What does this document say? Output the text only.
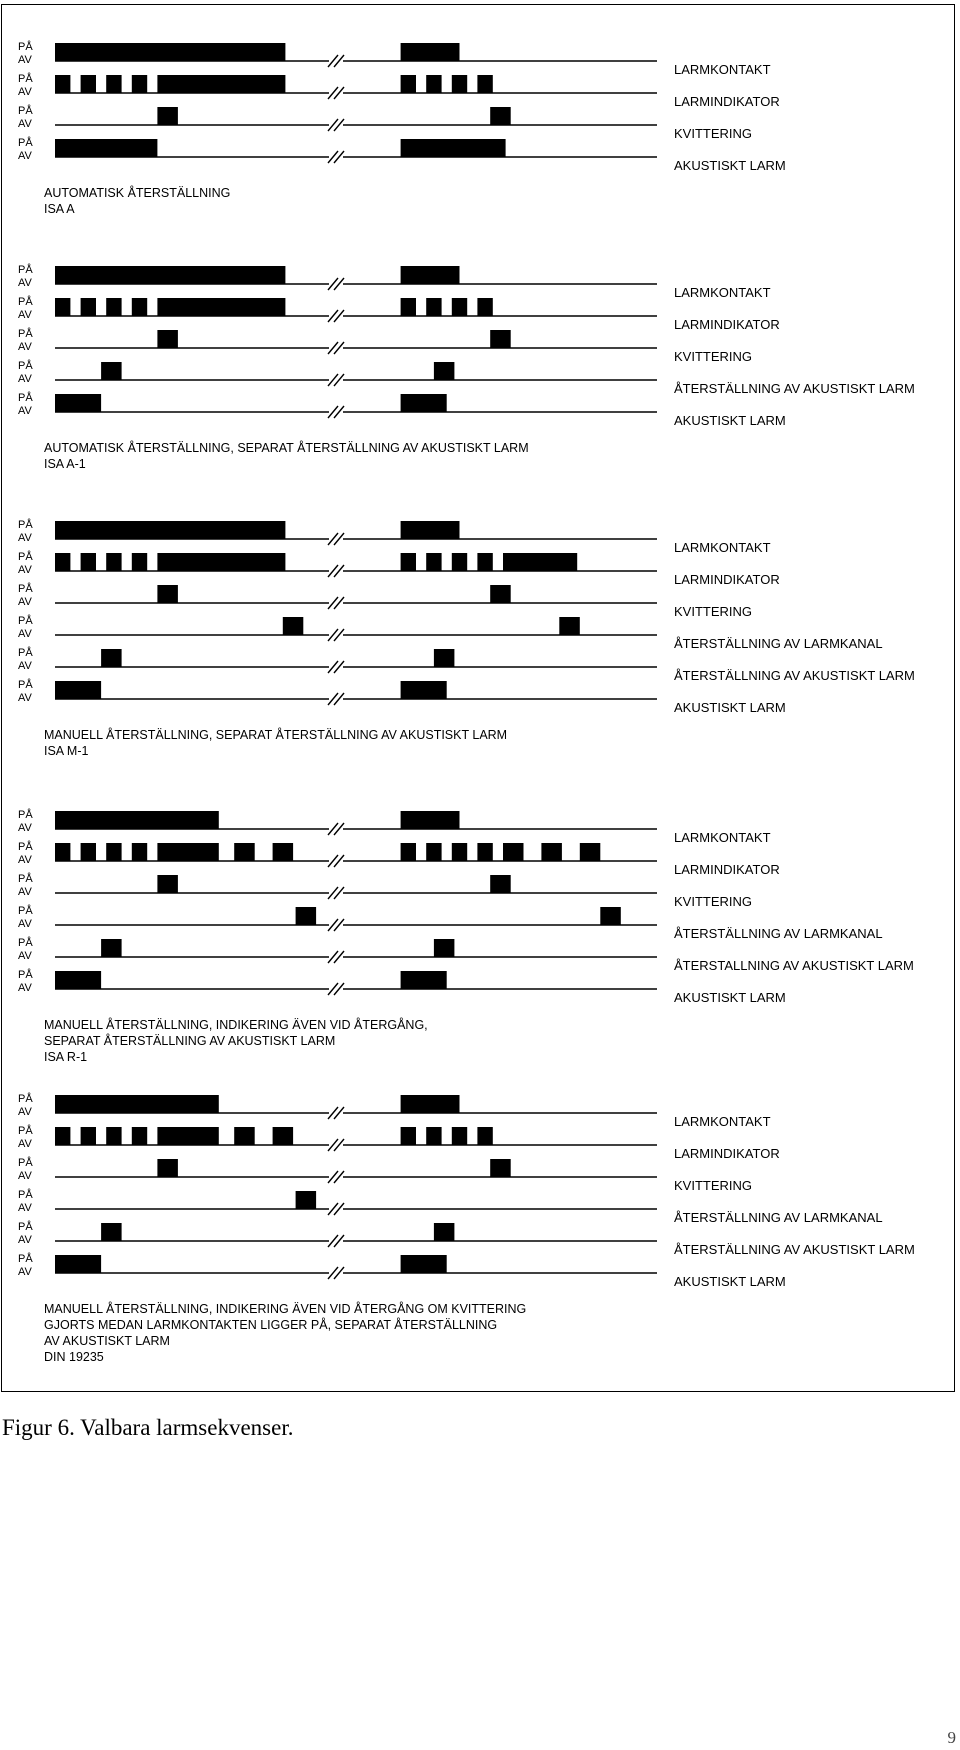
PÅ

AV

LARMKONTAKT

PÅ

AV

LARMINDIKATOR

PÅ

AV

KVITTERING

PÅ

AV

AKUSTISKT LARM

AUTOMATISK ÅTERSTÄLLNING

ISA A

PÅ

AV

LARMKONTAKT

PÅ

AV

LARMINDIKATOR

PÅ

AV

KVITTERING

PÅ

AV

ÅTERSTÄLLNING AV AKUSTISKT LARM

PÅ

AV

AKUSTISKT LARM

AUTOMATISK ÅTERSTÄLLNING, SEPARAT ÅTERSTÄLLNING AV AKUSTISKT LARM

ISA A-1

PÅ

AV

LARMKONTAKT

PÅ

AV

LARMINDIKATOR

PÅ

AV

KVITTERING

PÅ

AV

ÅTERSTÄLLNING AV LARMKANAL

PÅ

AV

ÅTERSTÄLLNING AV AKUSTISKT LARM

PÅ

AV

AKUSTISKT LARM

MANUELL ÅTERSTÄLLNING, SEPARAT ÅTERSTÄLLNING AV AKUSTISKT LARM

ISA M-1

PÅ

AV

LARMKONTAKT

PÅ

AV

LARMINDIKATOR

PÅ

AV

KVITTERING

PÅ

AV

ÅTERSTÄLLNING AV LARMKANAL

PÅ

AV

ÅTERSTALLNING AV AKUSTISKT LARM

PÅ

AV

AKUSTISKT LARM

MANUELL ÅTERSTÄLLNING, INDIKERING ÄVEN VID ÅTERGÅNG,

SEPARAT ÅTERSTÄLLNING AV AKUSTISKT LARM

ISA R-1

PÅ

AV

LARMKONTAKT

PÅ

AV

LARMINDIKATOR

PÅ

AV

KVITTERING

PÅ

AV

ÅTERSTÄLLNING AV LARMKANAL

PÅ

AV

ÅTERSTÄLLNING AV AKUSTISKT LARM

PÅ

AV

AKUSTISKT LARM

MANUELL ÅTERSTÄLLNING, INDIKERING ÄVEN VID ÅTERGÅNG OM KVITTERING

GJORTS MEDAN LARMKONTAKTEN LIGGER PÅ, SEPARAT ÅTERSTÄLLNING

AV AKUSTISKT LARM

DIN 19235

Figur 6. Valbara larmsekvenser.

9
